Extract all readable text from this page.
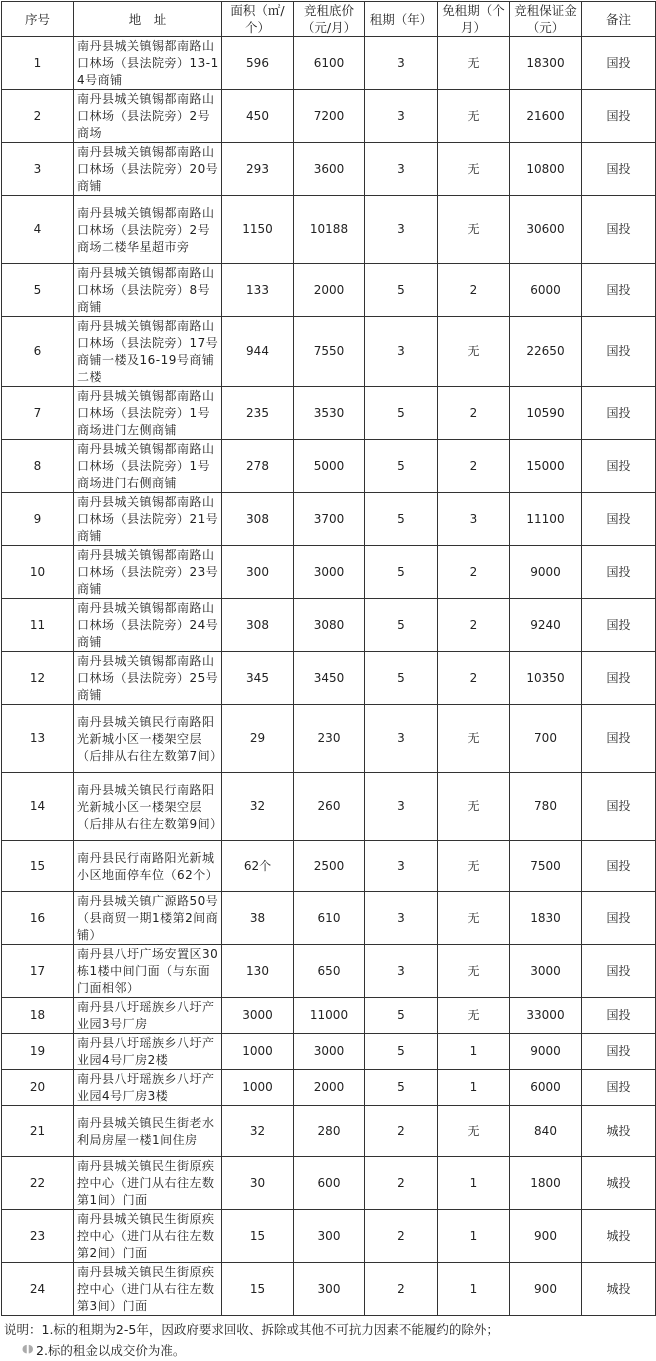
序号	地　址	面积（㎡/个）	竞租底价（元/月）	租期（年）	免租期（个月）	竞租保证金（元）	备注
1	南丹县城关镇锡都南路山口林场（县法院旁）13-14号商铺	596	6100	3	无	18300	国投
2	南丹县城关镇锡都南路山口林场（县法院旁）2号商场	450	7200	3	无	21600	国投
3	南丹县城关镇锡都南路山口林场（县法院旁）20号商铺	293	3600	3	无	10800	国投
4	南丹县城关镇锡都南路山口林场（县法院旁）2号商场二楼华星超市旁	1150	10188	3	无	30600	国投
5	南丹县城关镇锡都南路山口林场（县法院旁）8号商铺	133	2000	5	2	6000	国投
6	南丹县城关镇锡都南路山口林场（县法院旁）17号商铺一楼及16-19号商铺二楼	944	7550	3	无	22650	国投
7	南丹县城关镇锡都南路山口林场（县法院旁）1号商场进门左侧商铺	235	3530	5	2	10590	国投
8	南丹县城关镇锡都南路山口林场（县法院旁）1号商场进门右侧商铺	278	5000	5	2	15000	国投
9	南丹县城关镇锡都南路山口林场（县法院旁）21号商铺	308	3700	5	3	11100	国投
10	南丹县城关镇锡都南路山口林场（县法院旁）23号商铺	300	3000	5	2	9000	国投
11	南丹县城关镇锡都南路山口林场（县法院旁）24号商铺	308	3080	5	2	9240	国投
12	南丹县城关镇锡都南路山口林场（县法院旁）25号商铺	345	3450	5	2	10350	国投
13	南丹县城关镇民行南路阳光新城小区一楼架空层（后排从右往左数第7间）	29	230	3	无	700	国投
14	南丹县城关镇民行南路阳光新城小区一楼架空层（后排从右往左数第9间）	32	260	3	无	780	国投
15	南丹县民行南路阳光新城小区地面停车位（62个）	62个	2500	3	无	7500	国投
16	南丹县城关镇广源路50号（县商贸一期1楼第2间商铺）	38	610	3	无	1830	国投
17	南丹县八圩广场安置区30栋1楼中间门面（与东面门面相邻）	130	650	3	无	3000	国投
18	南丹县八圩瑶族乡八圩产业园3号厂房	3000	11000	5	无	33000	国投
19	南丹县八圩瑶族乡八圩产业园4号厂房2楼	1000	3000	5	1	9000	国投
20	南丹县八圩瑶族乡八圩产业园4号厂房3楼	1000	2000	5	1	6000	国投
21	南丹县城关镇民生街老水利局房屋一楼1间住房	32	280	2	无	840	城投
22	南丹县城关镇民生街原疾控中心（进门从右往左数第1间）门面	30	600	2	1	1800	城投
23	南丹县城关镇民生街原疾控中心（进门从右往左数第2间）门面	15	300	2	1	900	城投
24	南丹县城关镇民生街原疾控中心（进门从右往左数第3间）门面	15	300	2	1	900	城投
说明：1.标的租期为2-5年，因政府要求回收、拆除或其他不可抗力因素不能履约的除外；
2.标的租金以成交价为准。
◖◗
